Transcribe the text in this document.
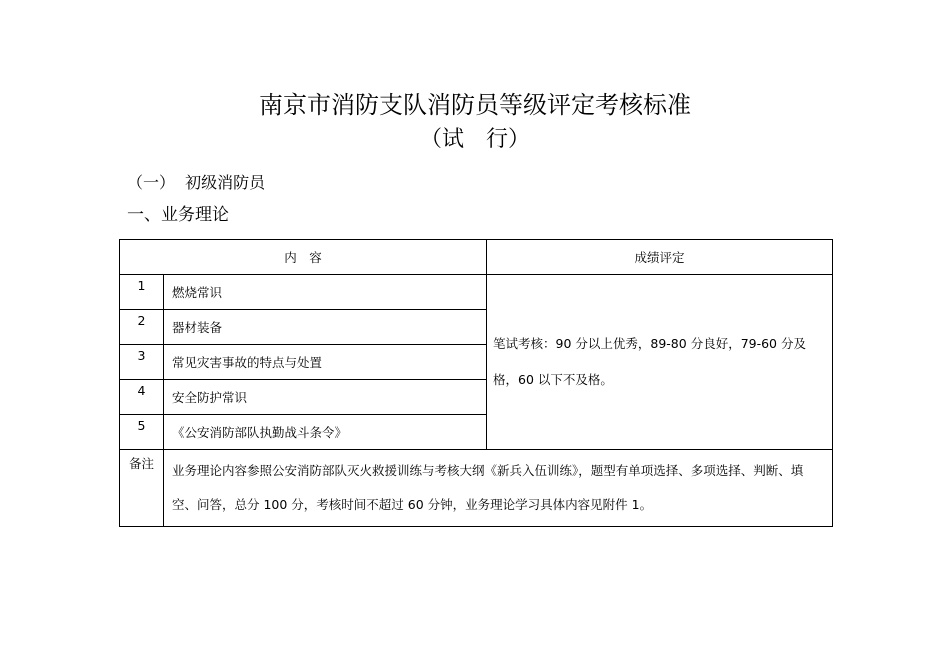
南京市消防支队消防员等级评定考核标准
（试　行）
（一）  初级消防员
一、业务理论
内　容		成绩评定
1	燃烧常识	笔试考核：90 分以上优秀，89-80 分良好，79-60 分及格，60 以下不及格。
2	器材装备	
3	常见灾害事故的特点与处置	
4	安全防护常识	
5	《公安消防部队执勤战斗条令》	
备注	业务理论内容参照公安消防部队灭火救援训练与考核大纲《新兵入伍训练》，题型有单项选择、多项选择、判断、填空、问答，总分 100 分，考核时间不超过 60 分钟，业务理论学习具体内容见附件 1。	
